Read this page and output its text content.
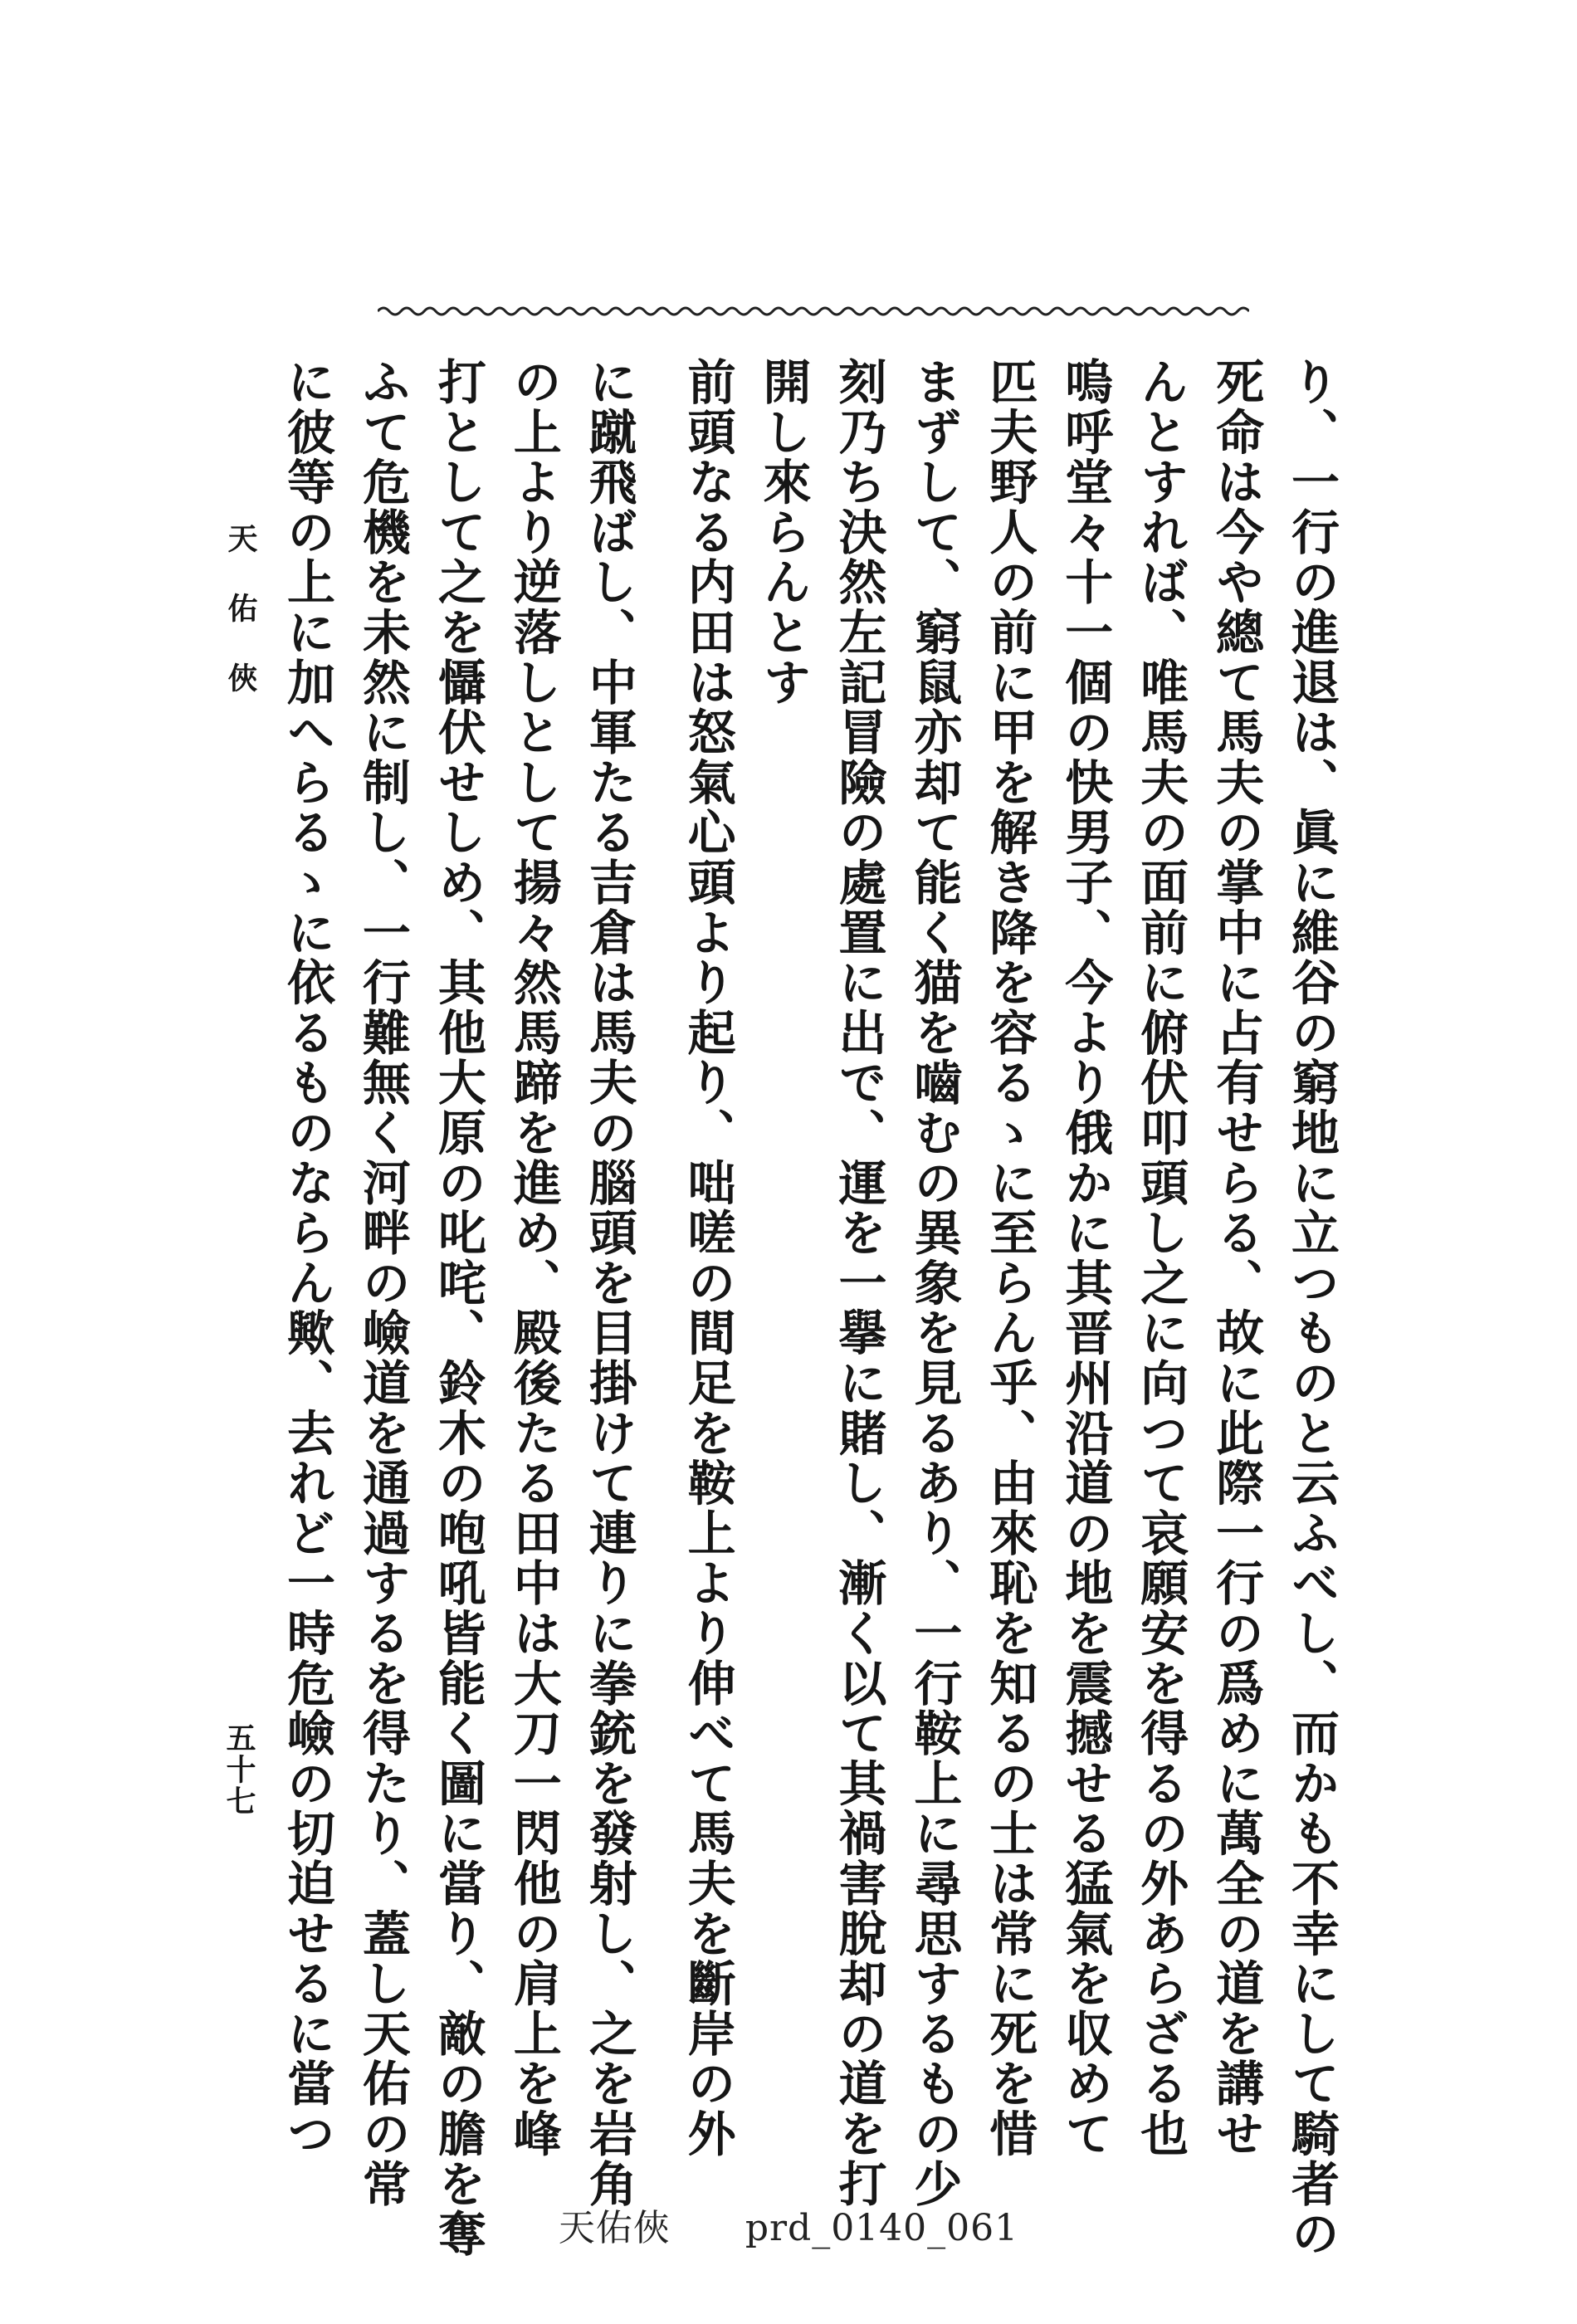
り、一行の進退は、眞に維谷の窮地に立つものと云ふべし、而かも不幸にして騎者の
死命は今や總て馬夫の掌中に占有せらる、故に此際一行の爲めに萬全の道を講せ
んとすれば、唯馬夫の面前に俯伏叩頭し之に向つて哀願安を得るの外あらざる也
嗚呼堂々十一個の快男子、今より俄かに其晋州沿道の地を震撼せる猛氣を収めて
匹夫野人の前に甲を解き降を容るゝに至らん乎、由來恥を知るの士は常に死を惜
まずして、窮鼠亦却て能く猫を嚙むの異象を見るあり、一行鞍上に尋思するもの少
刻乃ち決然左記冒險の處置に出で、運を一擧に賭し、漸く以て其禍害脫却の道を打
開し來らんとす
前頭なる内田は怒氣心頭より起り、咄嗟の間足を鞍上より伸べて馬夫を斷岸の外
に蹴飛ばし、中軍たる吉倉は馬夫の腦頭を目掛けて連りに拳銃を發射し、之を岩角
の上より逆落しとして揚々然馬蹄を進め、殿後たる田中は大刀一閃他の肩上を峰
打として之を懾伏せしめ、其他大原の叱咤、鈴木の咆吼皆能く圖に當り、敵の膽を奪
ふて危機を未然に制し、一行難無く河畔の嶮道を通過するを得たり、蓋し天佑の常
に彼等の上に加へらるゝに依るものならん歟、去れど一時危嶮の切迫せるに當つ
天佑俠
五十七
天佑俠　　prd_0140_061
